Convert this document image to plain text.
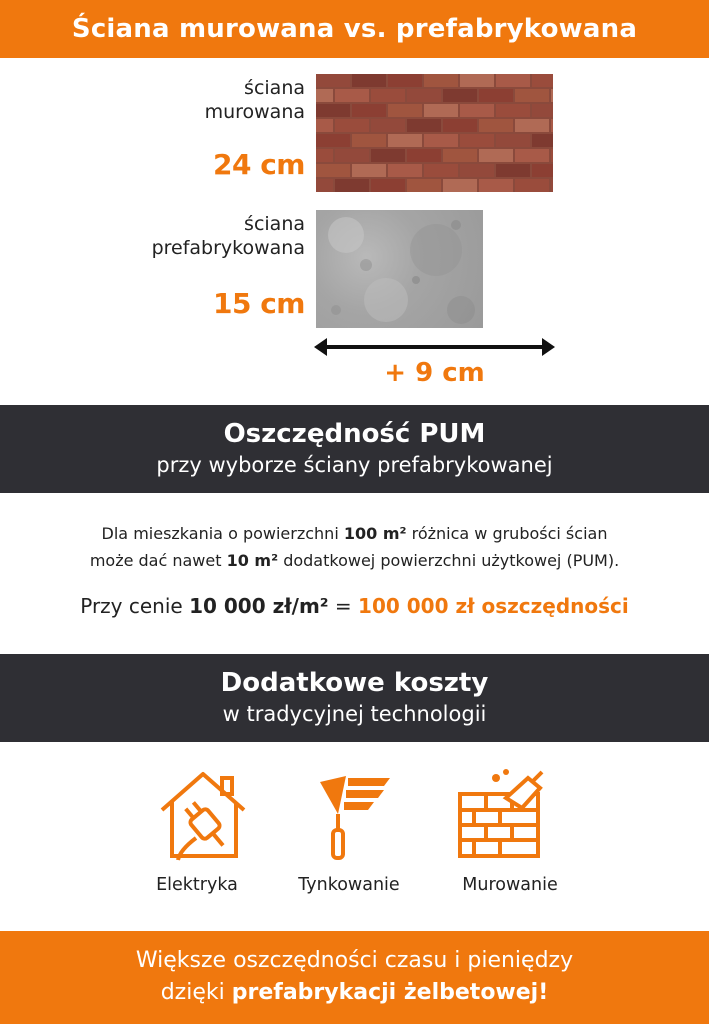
Ściana murowana vs. prefabrykowana
ściana
murowana
24 cm
ściana
prefabrykowana
15 cm
+ 9 cm
Oszczędność PUM
przy wyborze ściany prefabrykowanej
Dla mieszkania o powierzchni 100 m² różnica w grubości ścian
może dać nawet 10 m² dodatkowej powierzchni użytkowej (PUM).
Przy cenie 10 000 zł/m² = 100 000 zł oszczędności
Dodatkowe koszty
w tradycyjnej technologii
Elektryka	Tynkowanie	Murowanie
Większe oszczędności czasu i pieniędzy
dzięki prefabrykacji żelbetowej!
